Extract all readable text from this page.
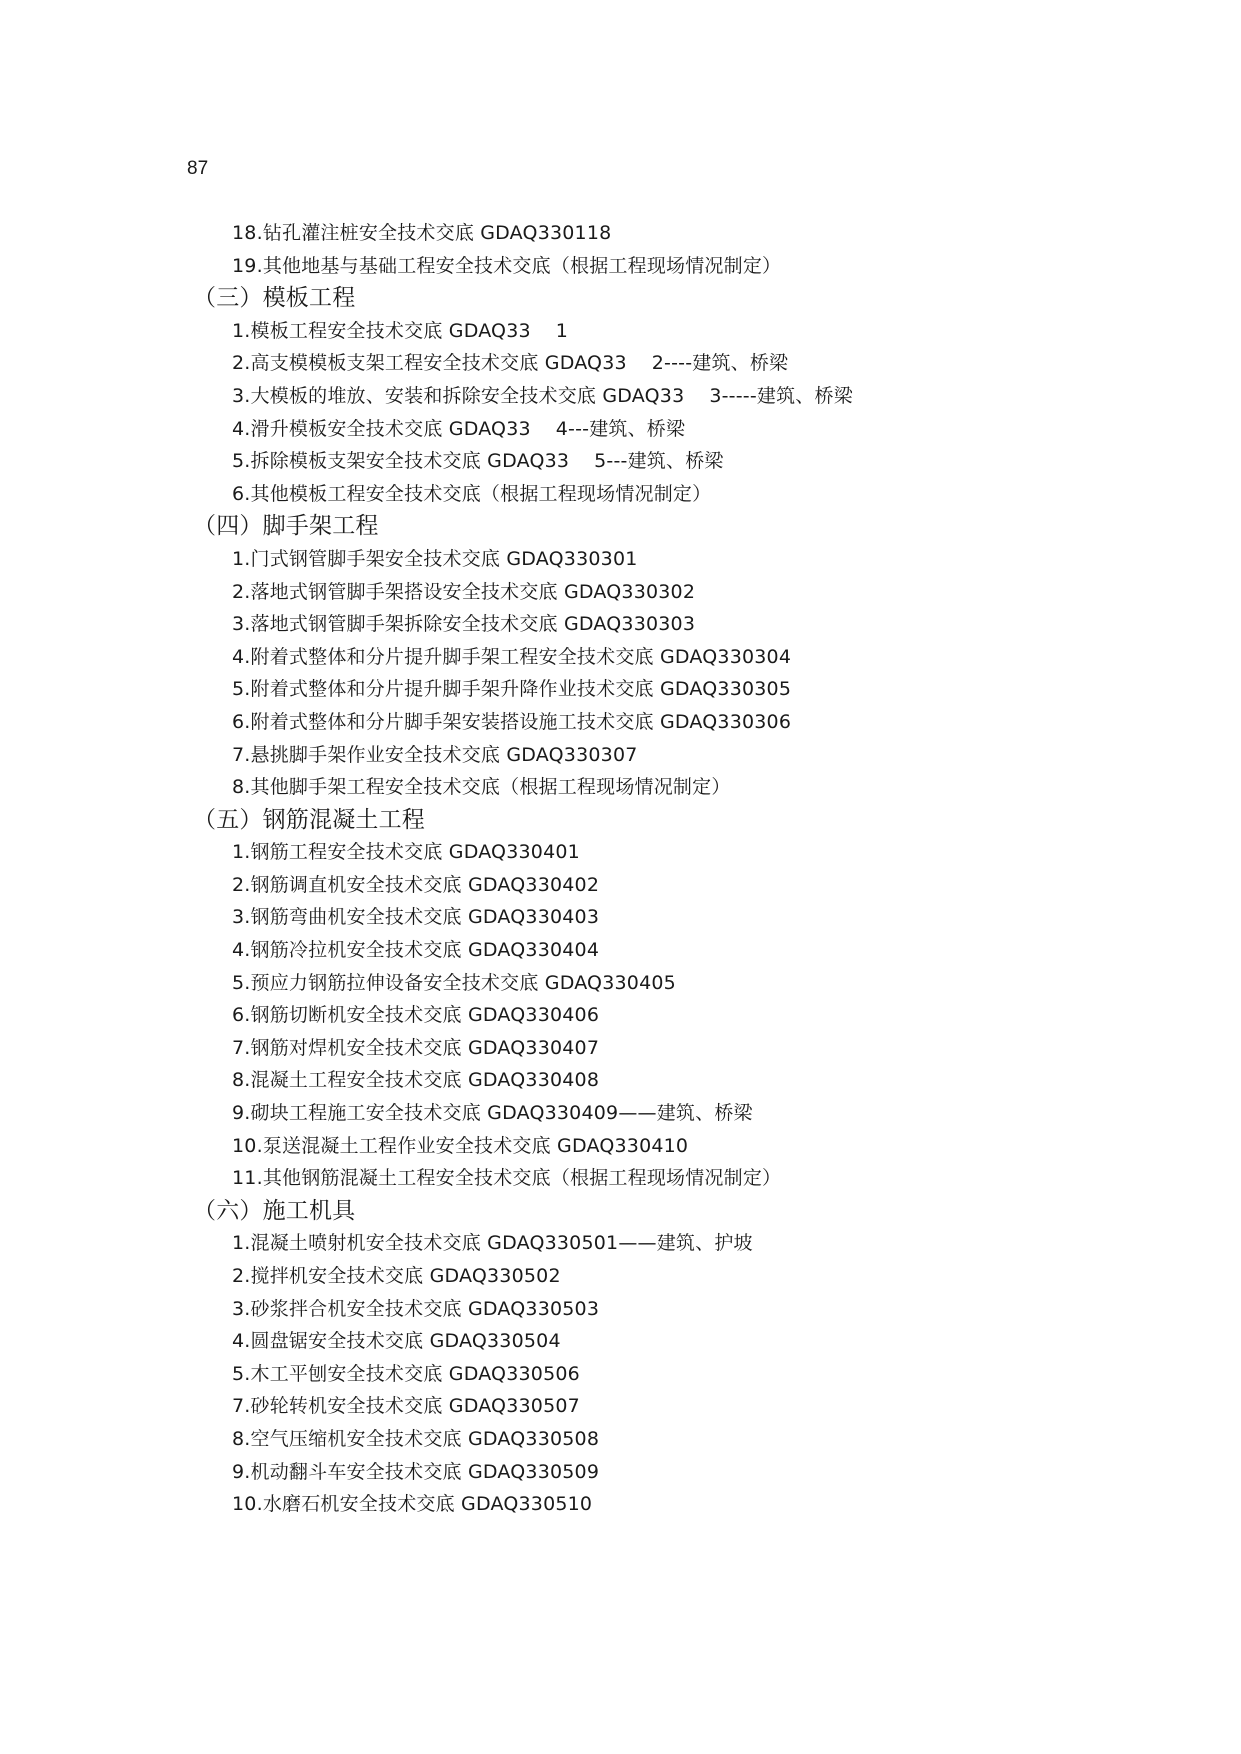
87
18.钻孔灌注桩安全技术交底 GDAQ330118
19.其他地基与基础工程安全技术交底（根据工程现场情况制定）
（三）模板工程
1.模板工程安全技术交底 GDAQ33    1
2.高支模模板支架工程安全技术交底 GDAQ33    2----建筑、桥梁
3.大模板的堆放、安装和拆除安全技术交底 GDAQ33    3-----建筑、桥梁
4.滑升模板安全技术交底 GDAQ33    4---建筑、桥梁
5.拆除模板支架安全技术交底 GDAQ33    5---建筑、桥梁
6.其他模板工程安全技术交底（根据工程现场情况制定）
（四）脚手架工程
1.门式钢管脚手架安全技术交底 GDAQ330301
2.落地式钢管脚手架搭设安全技术交底 GDAQ330302
3.落地式钢管脚手架拆除安全技术交底 GDAQ330303
4.附着式整体和分片提升脚手架工程安全技术交底 GDAQ330304
5.附着式整体和分片提升脚手架升降作业技术交底 GDAQ330305
6.附着式整体和分片脚手架安装搭设施工技术交底 GDAQ330306
7.悬挑脚手架作业安全技术交底 GDAQ330307
8.其他脚手架工程安全技术交底（根据工程现场情况制定）
（五）钢筋混凝土工程
1.钢筋工程安全技术交底 GDAQ330401
2.钢筋调直机安全技术交底 GDAQ330402
3.钢筋弯曲机安全技术交底 GDAQ330403
4.钢筋冷拉机安全技术交底 GDAQ330404
5.预应力钢筋拉伸设备安全技术交底 GDAQ330405
6.钢筋切断机安全技术交底 GDAQ330406
7.钢筋对焊机安全技术交底 GDAQ330407
8.混凝土工程安全技术交底 GDAQ330408
9.砌块工程施工安全技术交底 GDAQ330409——建筑、桥梁
10.泵送混凝土工程作业安全技术交底 GDAQ330410
11.其他钢筋混凝土工程安全技术交底（根据工程现场情况制定）
（六）施工机具
1.混凝土喷射机安全技术交底 GDAQ330501——建筑、护坡
2.搅拌机安全技术交底 GDAQ330502
3.砂浆拌合机安全技术交底 GDAQ330503
4.圆盘锯安全技术交底 GDAQ330504
5.木工平刨安全技术交底 GDAQ330506
7.砂轮转机安全技术交底 GDAQ330507
8.空气压缩机安全技术交底 GDAQ330508
9.机动翻斗车安全技术交底 GDAQ330509
10.水磨石机安全技术交底 GDAQ330510
